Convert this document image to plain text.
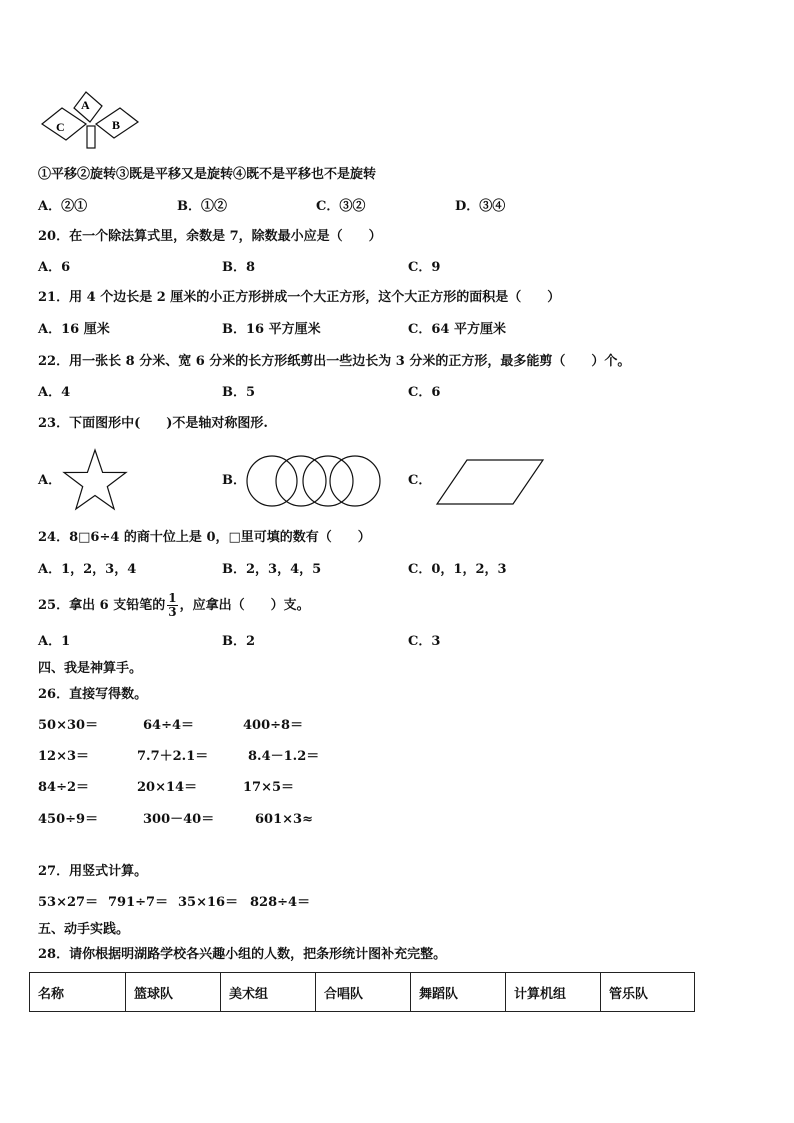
A
B
C
①平移②旋转③既是平移又是旋转④既不是平移也不是旋转
A．②①	B．①②	C．③②	D．③④
20．在一个除法算式里，余数是 7，除数最小应是（　　）
A．6	B．8	C．9
21．用 4 个边长是 2 厘米的小正方形拼成一个大正方形，这个大正方形的面积是（　　）
A．16 厘米	B．16 平方厘米	C．64 平方厘米
22．用一张长 8 分米、宽 6 分米的长方形纸剪出一些边长为 3 分米的正方形，最多能剪（　　）个。
A．4	B．5	C．6
23．下面图形中(　　)不是轴对称图形.
A．	B．	C．
24．8□6÷4 的商十位上是 0，□里可填的数有（　　）
A．1，2，3，4	B．2，3，4，5	C．0，1，2，3
25．拿出 6 支铅笔的 $\frac{1}{3}$ ，应拿出（　　）支。
A．1	B．2	C．3
四、我是神算手。
26．直接写得数。
50×30＝	64÷4＝	400÷8＝
12×3＝	7.7＋2.1＝	8.4－1.2＝
84÷2＝	20×14＝	17×5＝
450÷9＝	300－40＝	601×3≈
27．用竖式计算。
53×27＝ 791÷7＝ 35×16＝ 828÷4＝
五、动手实践。
28．请你根据明湖路学校各兴趣小组的人数，把条形统计图补充完整。
名称	篮球队	美术组	合唱队	舞蹈队	计算机组	管乐队
